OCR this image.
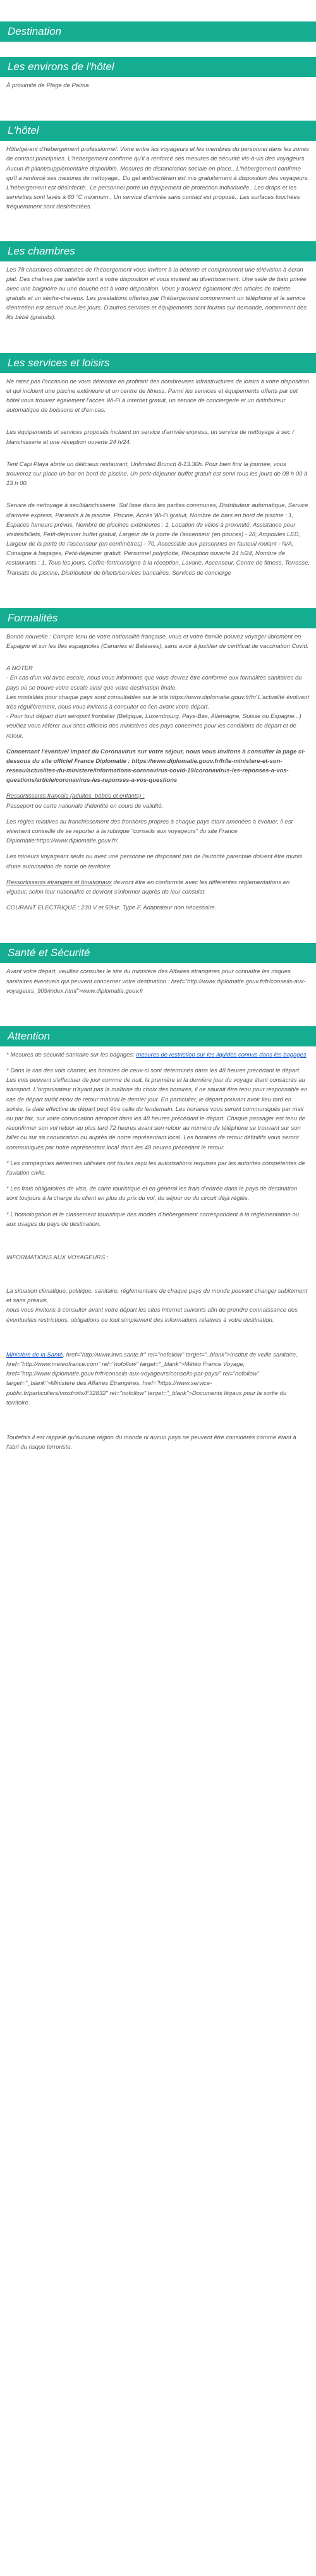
Destination
Les environs de l'hôtel

À proximité de Plage de Palma

L'hôtel

Hôte/gérant d'hébergement professionnel. Votre entre les voyageurs et les membres du personnel dans les zones de contact principales. L'hébergement confirme qu'il a renforcé ses mesures de sécurité vis-à-vis des voyageurs. Aucun lit pliant/supplémentaire disponible. Mesures de distanciation sociale en place.. L'hébergement confirme qu'il a renforcé ses mesures de nettoyage.. Du gel antibactérien est mis gratuitement à disposition des voyageurs. L'hébergement est désinfecté.. Le personnel porte un équipement de protection individuelle.. Les draps et les serviettes sont lavés à 60 °C minimum.. Un service d'arrivée sans contact est proposé.. Les surfaces touchées fréquemment sont désinfectées.

Les chambres

Les 78 chambres climatisées de l'hébergement vous invitent à la détente et comprennent une télévision à écran plat. Des chaînes par satellite sont à votre disposition et vous invitent au divertissement. Une salle de bain privée avec une baignoire ou une douche est à votre disposition. Vous y trouvez également des articles de toilette gratuits et un sèche-cheveux. Les prestations offertes par l'hébergement comprennent un téléphone et le service d'entretien est assuré tous les jours. D'autres services et équipements sont fournis sur demande, notamment des lits bébé (gratuits).

Les services et loisirs

Ne ratez pas l'occasion de vous détendre en profitant des nombreuses infrastructures de loisirs à votre disposition et qui incluent une piscine extérieure et un centre de fitness. Parmi les services et équipements offerts par cet hôtel vous trouvez également l'accès Wi-Fi à Internet gratuit, un service de conciergerie et un distributeur automatique de boissons et d'en-cas.

Les équipements et services proposés incluent un service d'arrivée express, un service de nettoyage à sec / blanchisserie et une réception ouverte 24 h/24.

Tent Capi Playa abrite un délicieux restaurant, Unlimited Brunch 8-13.30h. Pour bien finir la journée, vous trouverez sur place un bar en bord de piscine. Un petit-déjeuner buffet gratuit est servi tous les jours de 08 h 00 à 13 h 00.

Service de nettoyage à sec/blanchisserie. Sol lisse dans les parties communes, Distributeur automatique, Service d'arrivée express, Parasols à la piscine, Piscine, Accès Wi-Fi gratuit, Nombre de bars en bord de piscine : 1, Espaces fumeurs prévus, Nombre de piscines extérieures : 1, Location de vélos à proximité, Assistance pour visites/billets, Petit-déjeuner buffet gratuit, Largeur de la porte de l'ascenseur (en pouces) - 28, Ampoules LED, Largeur de la porte de l'ascenseur (en centimètres) - 70, Accessible aux personnes en fauteuil roulant - N/A, Consigne à bagages, Petit-déjeuner gratuit, Personnel polyglotte, Réception ouverte 24 h/24, Nombre de restaurants : 1, Tous les jours, Coffre-fort/consigne à la réception, Lavarie, Ascenseur, Centre de fitness, Terrasse, Transats de piscine, Distributeur de billets/services bancaires, Services de concierge

Formalités

Bonne nouvelle : Compte tenu de votre nationalité française, vous et votre famille pouvez voyager librement en Espagne et sur les îles espagnoles (Canaries et Baléares), sans avoir à justifier de certificat de vaccination Covid.

A NOTER

- En cas d'un vol avec escale, nous vous informons que vous devrez être conforme aux formalités sanitaires du pays où se trouve votre escale ainsi que votre destination finale.

Les modalités pour chaque pays sont consultables sur le site https://www.diplomatie.gouv.fr/fr/ L'actualité évoluant très régulièrement, nous vous invitons à consulter ce lien avant votre départ.

- Pour tout départ d'un aéroport frontalier (Belgique, Luxembourg, Pays-Bas, Allemagne, Suisse ou Espagne...) veuillez vous référer aux sites officiels des ministères des pays concernés pour les conditions de départ et de retour.

Concernant l'éventuel impact du Coronavirus sur votre séjour, nous vous invitons à consulter la page ci-dessous du site officiel France Diplomatie : https://www.diplomatie.gouv.fr/fr/le-ministere-et-son-reseau/actualites-du-ministere/informations-coronavirus-covid-19/coronavirus-les-reponses-a-vos-questions/article/coronavirus-les-reponses-a-vos-questions

Ressortissants français (adultes, bébés et enfants) :

Passeport ou carte nationale d'identité en cours de validité.

Les règles relatives au franchissement des frontières propres à chaque pays étant amenées à évoluer, il est vivement conseillé de se reporter à la rubrique "conseils aux voyageurs" du site France Diplomatie:https://www.diplomatie.gouv.fr/.

Les mineurs voyageant seuls ou avec une personne ne disposant pas de l'autorité parentale doivent être munis d'une autorisation de sortie de territoire.

Ressortissants étrangers et binationaux devront être en conformité avec les différentes réglementations en vigueur, selon leur nationalité et devront s'informer auprès de leur consulat.

COURANT ELECTRIQUE : 230 V et 50Hz. Type F. Adaptateur non nécessaire.

Santé et Sécurité

Avant votre départ, veuillez consulter le site du ministère des Affaires étrangères pour connaître les risques sanitaires éventuels qui peuvent concerner votre destination : href="http://www.diplomatie.gouv.fr/fr/conseils-aux-voyageurs_909/index.html">www.diplomatie.gouv.fr

Attention

* Mesures de sécurité sanitaire sur les bagages: mesures de restriction sur les liquides connus dans les bagages

* Dans le cas des vols charter, les horaires de ceux-ci sont déterminés dans les 48 heures précédant le départ. Les vols peuvent s'effectuer de jour comme de nuit, la première et la dernière jour du voyage étant consacrés au transport. L'organisateur n'ayant pas la maîtrise du choix des horaires, il ne saurait être tenu pour responsable en cas de départ tardif et/ou de retour matinal le dernier jour. En particulier, le départ pouvant avoir lieu tard en soirée, la date effective de départ peut être celle du lendemain. Les horaires vous seront communiqués par mail ou par fax, sur votre convocation aéroport dans les 48 heures précédant le départ. Chaque passager est tenu de reconfirmer son vol retour au plus tard 72 heures avant son retour au numéro de téléphone se trouvant sur son billet ou sur sa convocation ou auprès de notre représentant local. Les horaires de retour définitifs vous seront communiqués par notre représentant local dans les 48 heures précédant le retour.

* Les compagnies aériennes utilisées ont toutes reçu les autorisations requises par les autorités compétentes de l'aviation civile.

* Les frais obligatoires de visa, de carte touristique et en général les frais d'entrée dans le pays de destination sont toujours à la charge du client en plus du prix du vol, du séjour ou du circuit déjà réglés.

* L'homologation et le classement touristique des modes d'hébergement correspondent à la réglementation ou aux usages du pays de destination.

INFORMATIONS AUX VOYAGEURS :

La situation climatique, politique, sanitaire, réglementaire de chaque pays du monde pouvant changer subitement et sans préavis,
nous vous invitons à consulter avant votre départ les sites Internet suivants afin de prendre connaissance des éventuelles restrictions, obligations ou tout simplement des informations relatives à votre destination.

Ministère de la Santé, href="http://www.invs.sante.fr" rel="nofollow" target="_blank">Institut de veille sanitaire, href="http://www.meteofrance.com" rel="nofollow" target="_blank">Météo France Voyage, href="http://www.diplomatie.gouv.fr/fr/conseils-aux-voyageurs/conseils-par-pays/" rel="nofollow" target="_blank">Ministère des Affaires Etrangères, href="https://www.service-public.fr/particuliers/vosdroits/F32832" rel="nofollow" target="_blank">Documents légaux pour la sortie du territoire.

Toutefois il est rappelé qu'aucune région du monde ni aucun pays ne peuvent être considérés comme étant à l'abri du risque terroriste.
